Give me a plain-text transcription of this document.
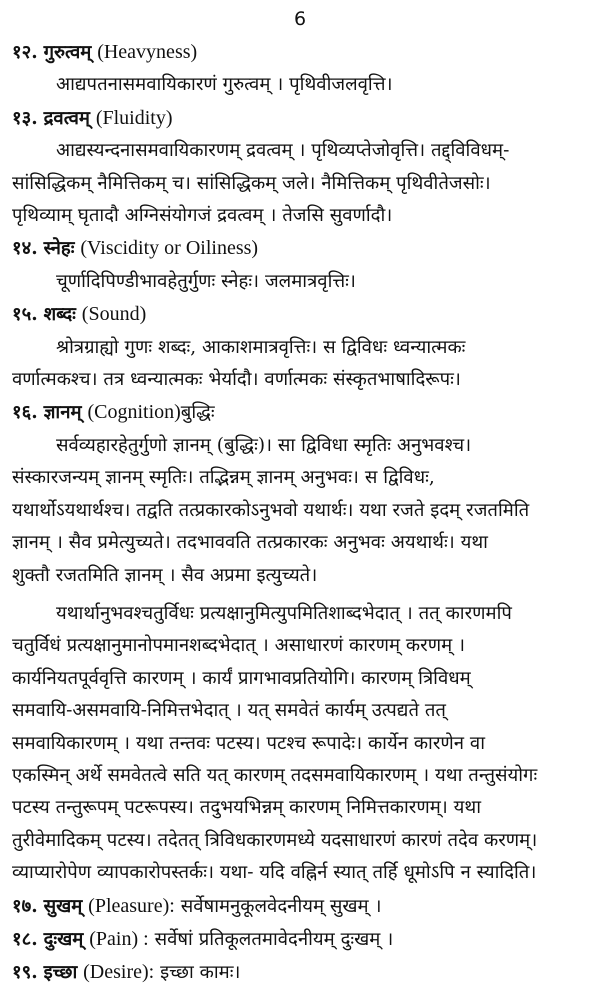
6
१२. गुरुत्वम् (Heavyness)
आद्यपतनासमवायिकारणं गुरुत्वम् । पृथिवीजलवृत्ति।
१३. द्रवत्वम् (Fluidity)
आद्यस्यन्दनासमवायिकारणम् द्रवत्वम् । पृथिव्यप्तेजोवृत्ति। तद्द्विविधम्-
सांसिद्धिकम् नैमित्तिकम् च। सांसिद्धिकम् जले। नैमित्तिकम् पृथिवीतेजसोः।
पृथिव्याम् घृतादौ अग्निसंयोगजं द्रवत्वम् । तेजसि सुवर्णादौ।
१४. स्नेहः (Viscidity or Oiliness)
चूर्णादिपिण्डीभावहेतुर्गुणः स्नेहः। जलमात्रवृत्तिः।
१५. शब्दः (Sound)
श्रोत्रग्राह्यो गुणः शब्दः, आकाशमात्रवृत्तिः। स द्विविधः ध्वन्यात्मकः
वर्णात्मकश्च। तत्र ध्वन्यात्मकः भेर्यादौ। वर्णात्मकः संस्कृतभाषादिरूपः।
१६. ज्ञानम् (Cognition)बुद्धिः
सर्वव्यहारहेतुर्गुणो ज्ञानम् (बुद्धिः)। सा द्विविधा स्मृतिः अनुभवश्च।
संस्कारजन्यम् ज्ञानम् स्मृतिः। तद्भिन्नम् ज्ञानम् अनुभवः। स द्विविधः,
यथार्थोऽयथार्थश्च। तद्वति तत्प्रकारकोऽनुभवो यथार्थः। यथा रजते इदम् रजतमिति
ज्ञानम् । सैव प्रमेत्युच्यते। तदभाववति तत्प्रकारकः अनुभवः अयथार्थः। यथा
शुक्तौ रजतमिति ज्ञानम् । सैव अप्रमा इत्युच्यते।
यथार्थानुभवश्चतुर्विधः प्रत्यक्षानुमित्युपमितिशाब्दभेदात् । तत् कारणमपि
चतुर्विधं प्रत्यक्षानुमानोपमानशब्दभेदात् । असाधारणं कारणम् करणम् ।
कार्यनियतपूर्ववृत्ति कारणम् । कार्यं प्रागभावप्रतियोगि। कारणम् त्रिविधम्
समवायि-असमवायि-निमित्तभेदात् । यत् समवेतं कार्यम् उत्पद्यते तत्
समवायिकारणम् । यथा तन्तवः पटस्य। पटश्च रूपादेः। कार्येन कारणेन वा
एकस्मिन् अर्थे समवेतत्वे सति यत् कारणम् तदसमवायिकारणम् । यथा तन्तुसंयोगः
पटस्य तन्तुरूपम् पटरूपस्य। तदुभयभिन्नम् कारणम् निमित्तकारणम्। यथा
तुरीवेमादिकम् पटस्य। तदेतत् त्रिविधकारणमध्ये यदसाधारणं कारणं तदेव करणम्।
व्याप्यारोपेण व्यापकारोपस्तर्कः। यथा- यदि वह्निर्न स्यात् तर्हि धूमोऽपि न स्यादिति।
१७. सुखम् (Pleasure): सर्वेषामनुकूलवेदनीयम् सुखम् ।
१८. दुःखम् (Pain) : सर्वेषां प्रतिकूलतमावेदनीयम् दुःखम् ।
१९. इच्छा (Desire): इच्छा कामः।
